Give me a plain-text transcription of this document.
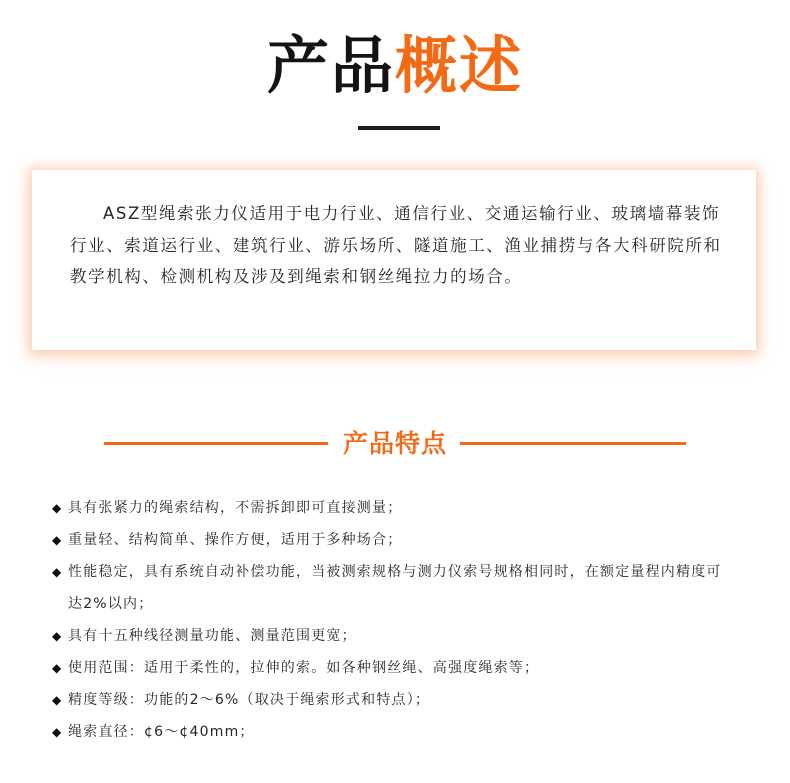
产品概述

ASZ型绳索张力仪适用于电力行业、通信行业、交通运输行业、玻璃墙幕装饰行业、索道运行业、建筑行业、游乐场所、隧道施工、渔业捕捞与各大科研院所和教学机构、检测机构及涉及到绳索和钢丝绳拉力的场合。

产品特点
◆ 具有张紧力的绳索结构，不需拆卸即可直接测量；
◆ 重量轻、结构简单、操作方便，适用于多种场合；
◆ 性能稳定，具有系统自动补偿功能，当被测索规格与测力仪索号规格相同时，在额定量程内精度可达2%以内；
◆ 具有十五种线径测量功能、测量范围更宽；
◆ 使用范围：适用于柔性的，拉伸的索。如各种钢丝绳、高强度绳索等；
◆ 精度等级：功能的2～6%（取决于绳索形式和特点）；
◆ 绳索直径：¢6～¢40mm；
